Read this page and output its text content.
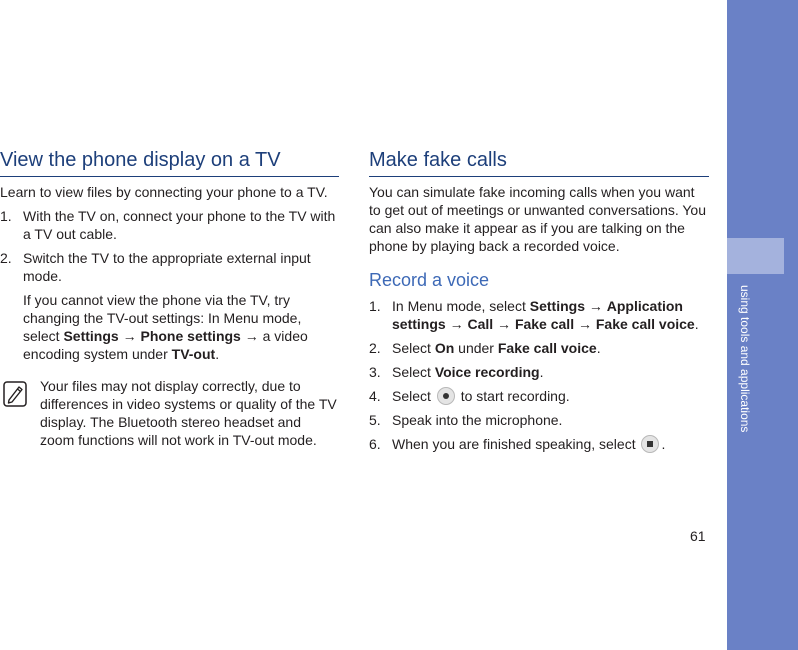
using tools and applications
View the phone display on a TV

Learn to view files by connecting your phone to a TV.

1. With the TV on, connect your phone to the TV with a TV out cable.
2. Switch the TV to the appropriate external input mode.

If you cannot view the phone via the TV, try changing the TV-out settings: In Menu mode, select Settings → Phone settings → a video encoding system under TV-out.

Your files may not display correctly, due to differences in video systems or quality of the TV display. The Bluetooth stereo headset and zoom functions will not work in TV-out mode.

Make fake calls

You can simulate fake incoming calls when you want to get out of meetings or unwanted conversations. You can also make it appear as if you are talking on the phone by playing back a recorded voice.

Record a voice
1. In Menu mode, select Settings → Application settings → Call → Fake call → Fake call voice.
2. Select On under Fake call voice.
3. Select Voice recording.
4. Select
to start recording.
5. Speak into the microphone.
6. When you are finished speaking, select
.
61
